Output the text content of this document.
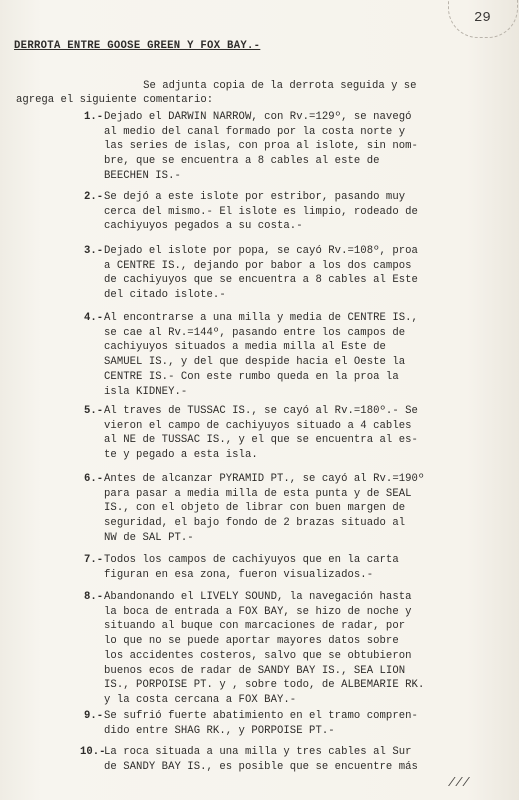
29
DERROTA ENTRE GOOSE GREEN Y FOX BAY.-
Se adjunta copia de la derrota seguida y se
agrega el siguiente comentario:
1.- Dejado el DARWIN NARROW, con Rv.=129º, se navegó
al medio del canal formado por la costa norte y
las series de islas, con proa al islote, sin nom-
bre, que se encuentra a 8 cables al este de
BEECHEN IS.-
2.- Se dejó a este islote por estribor, pasando muy
cerca del mismo.- El islote es limpio, rodeado de
cachiyuyos pegados a su costa.-
3.- Dejado el islote por popa, se cayó Rv.=108º, proa
a CENTRE IS., dejando por babor a los dos campos
de cachiyuyos que se encuentra a 8 cables al Este
del citado islote.-
4.- Al encontrarse a una milla y media de CENTRE IS.,
se cae al Rv.=144º, pasando entre los campos de
cachiyuyos situados a media milla al Este de
SAMUEL IS., y del que despide hacia el Oeste la
CENTRE IS.- Con este rumbo queda en la proa la
isla KIDNEY.-
5.- Al traves de TUSSAC IS., se cayó al Rv.=180º.- Se
vieron el campo de cachiyuyos situado a 4 cables
al NE de TUSSAC IS., y el que se encuentra al es-
te y pegado a esta isla.
6.- Antes de alcanzar PYRAMID PT., se cayó al Rv.=190º
para pasar a media milla de esta punta y de SEAL
IS., con el objeto de librar con buen margen de
seguridad, el bajo fondo de 2 brazas situado al
NW de SAL PT.-
7.- Todos los campos de cachiyuyos que en la carta
figuran en esa zona, fueron visualizados.-
8.- Abandonando el LIVELY SOUND, la navegación hasta
la boca de entrada a FOX BAY, se hizo de noche y
situando al buque con marcaciones de radar, por
lo que no se puede aportar mayores datos sobre
los accidentes costeros, salvo que se obtubieron
buenos ecos de radar de SANDY BAY IS., SEA LION
IS., PORPOISE PT. y , sobre todo, de ALBEMARIE RK.
y la costa cercana a FOX BAY.-
9.- Se sufrió fuerte abatimiento en el tramo compren-
dido entre SHAG RK., y PORPOISE PT.-
10.-
La roca situada a una milla y tres cables al Sur
de SANDY BAY IS., es posible que se encuentre más
///
